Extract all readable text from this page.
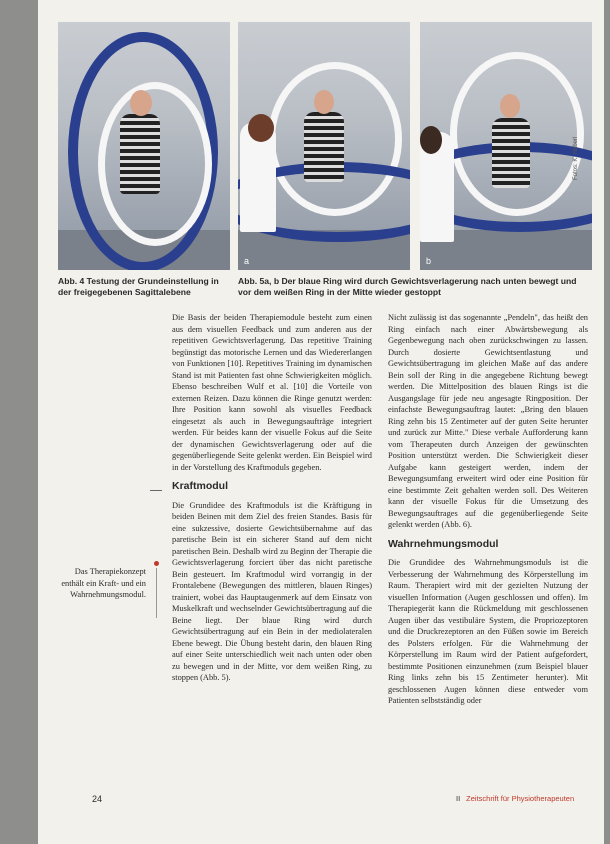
a	b
Fotos: K. Haberl
Abb. 4 Testung der Grundeinstellung in der freigegebenen Sagittalebene
Abb. 5a, b Der blaue Ring wird durch Gewichtsverlagerung nach unten bewegt und vor dem weißen Ring in der Mitte wieder gestoppt

Die Basis der beiden Therapiemodule besteht zum einen aus dem visuellen Feedback und zum anderen aus der repetitiven Gewichtsverlagerung. Das repetitive Training begünstigt das motorische Lernen und das Wiedererlangen von Funktionen [10]. Repetitives Training im dynamischen Stand ist mit Patienten fast ohne Schwierigkeiten möglich. Ebenso beschreiben Wulf et al. [10] die Vorteile von externen Reizen. Dazu können die Ringe genutzt werden: Ihre Position kann sowohl als visuelles Feedback eingesetzt als auch in Bewegungsaufträge integriert werden. Für beides kann der visuelle Fokus auf die Seite der dynamischen Gewichtsverlagerung oder auf die gegenüberliegende Seite gelenkt werden. Ein Beispiel wird in der Vorstellung des Kraftmoduls gegeben.

Kraftmodul

Die Grundidee des Kraftmoduls ist die Kräftigung in beiden Beinen mit dem Ziel des freien Standes. Basis für eine sukzessive, dosierte Gewichtsübernahme auf das paretische Bein ist ein sicherer Stand auf dem nicht paretischen Bein. Deshalb wird zu Beginn der Therapie die Gewichtsverlagerung forciert über das nicht paretische Bein gesteuert. Im Kraftmodul wird vorrangig in der Frontalebene (Bewegungen des mittleren, blauen Ringes) trainiert, wobei das Hauptaugenmerk auf dem Einsatz von Muskelkraft und wechselnder Gewichtsübertragung auf die Beine liegt. Der blaue Ring wird durch Gewichtsübertragung auf ein Bein in der mediolateralen Ebene bewegt. Die Übung besteht darin, den blauen Ring auf einer Seite unterschiedlich weit nach unten oder oben zu bewegen und in der Mitte, vor dem weißen Ring, zu stoppen (Abb. 5).

Das Therapiekonzept enthält ein Kraft- und ein Wahrnehmungsmodul.

Nicht zulässig ist das sogenannte „Pendeln", das heißt den Ring einfach nach einer Abwärtsbewegung als Gegenbewegung nach oben zurückschwingen zu lassen. Durch dosierte Gewichtsentlastung und Gewichtsübertragung im gleichen Maße auf das andere Bein soll der Ring in die angegebene Richtung bewegt werden. Die Mittelposition des blauen Rings ist die Ausgangslage für jede neu angesagte Ringposition. Der einfachste Bewegungsauftrag lautet: „Bring den blauen Ring zehn bis 15 Zentimeter auf der guten Seite herunter und zurück zur Mitte." Diese verbale Aufforderung kann vom Therapeuten durch Anzeigen der gewünschten Position unterstützt werden. Die Schwierigkeit dieser Aufgabe kann gesteigert werden, indem der Bewegungsumfang erweitert wird oder eine Position für eine bestimmte Zeit gehalten werden soll. Des Weiteren kann der visuelle Fokus für die Umsetzung des Bewegungsauftrages auf die gegenüberliegende Seite gelenkt werden (Abb. 6).

Wahrnehmungsmodul

Die Grundidee des Wahrnehmungsmoduls ist die Verbesserung der Wahrnehmung des Körperstellung im Raum. Therapiert wird mit der gezielten Nutzung der visuellen Information (Augen geschlossen und offen). Im Therapiegerät kann die Rückmeldung mit geschlossenen Augen über das vestibuläre System, die Propriozeptoren und die Druckrezeptoren an den Füßen sowie im Bereich des Polsters erfolgen. Für die Wahrnehmung der Körperstellung im Raum wird der Patient aufgefordert, bestimmte Positionen einzunehmen (zum Beispiel blauer Ring links zehn bis 15 Zentimeter herunter). Mit geschlossenen Augen können diese entweder vom Patienten selbstständig oder

24	II Zeitschrift für Physiotherapeuten
